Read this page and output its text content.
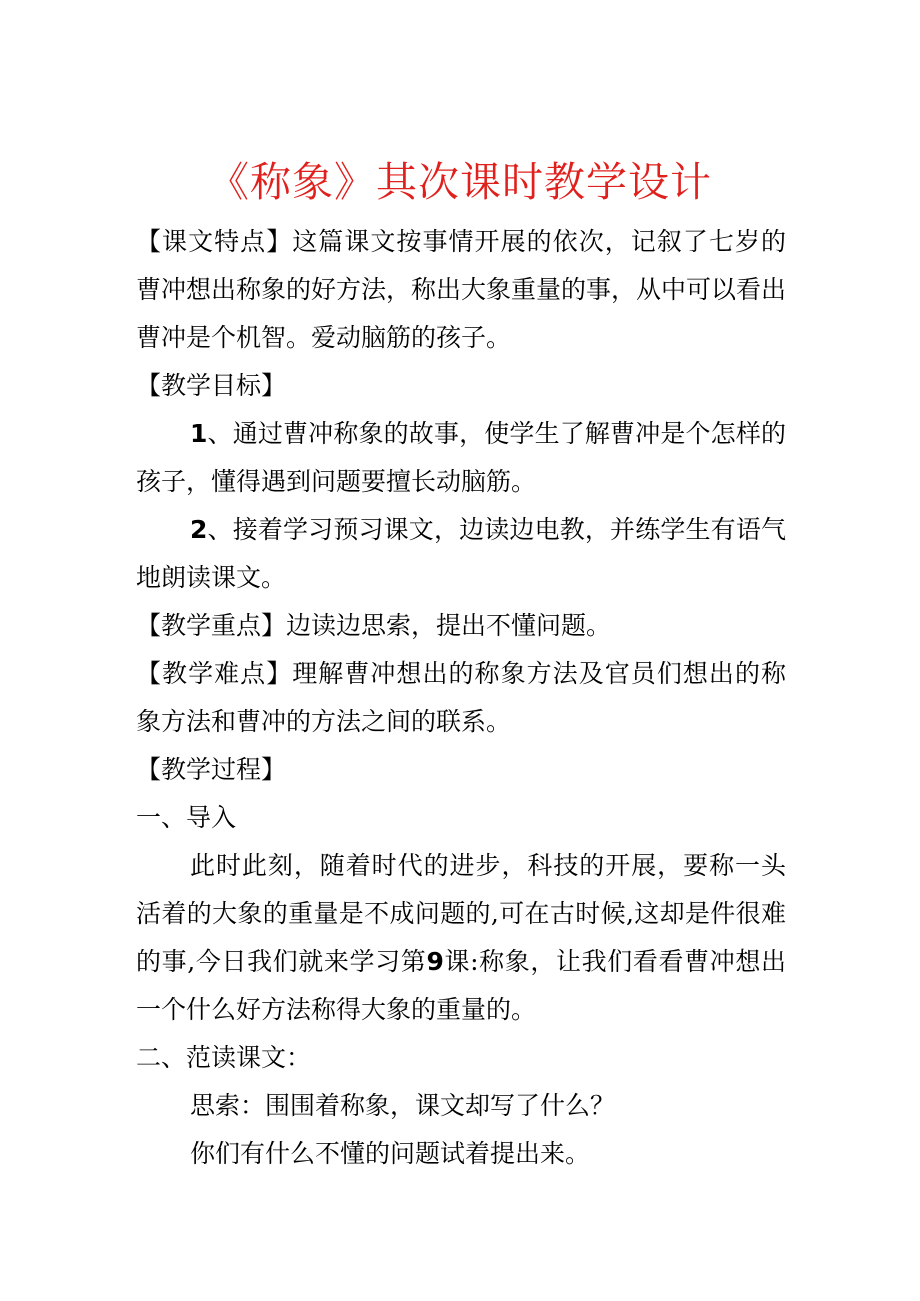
《称象》其次课时教学设计

【课文特点】这篇课文按事情开展的依次，记叙了七岁的曹冲想出称象的好方法，称出大象重量的事，从中可以看出曹冲是个机智。爱动脑筋的孩子。

【教学目标】

1、通过曹冲称象的故事，使学生了解曹冲是个怎样的孩子，懂得遇到问题要擅长动脑筋。

2、接着学习预习课文，边读边电教，并练学生有语气地朗读课文。

【教学重点】边读边思索，提出不懂问题。

【教学难点】理解曹冲想出的称象方法及官员们想出的称象方法和曹冲的方法之间的联系。

【教学过程】

一、导入

此时此刻，随着时代的进步，科技的开展，要称一头活着的大象的重量是不成问题的,可在古时候,这却是件很难的事,今日我们就来学习第9课:称象，让我们看看曹冲想出一个什么好方法称得大象的重量的。

二、范读课文：

思索：围围着称象，课文却写了什么？

你们有什么不懂的问题试着提出来。
